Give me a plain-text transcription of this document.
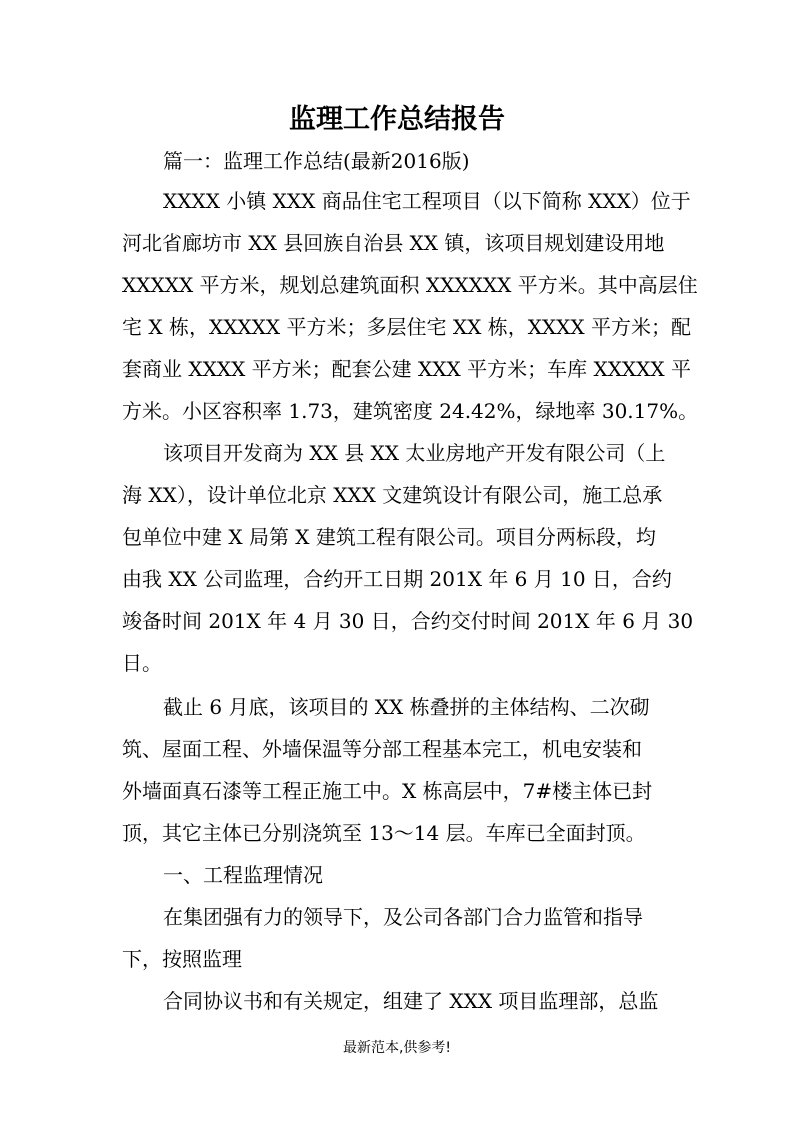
监理工作总结报告
篇一：监理工作总结(最新2016版)
XXXX 小镇 XXX 商品住宅工程项目（以下简称 XXX）位于
河北省廊坊市 XX 县回族自治县 XX 镇，该项目规划建设用地
XXXXX 平方米，规划总建筑面积 XXXXXX 平方米。其中高层住
宅 X 栋，XXXXX 平方米；多层住宅 XX 栋，XXXX 平方米；配
套商业 XXXX 平方米；配套公建 XXX 平方米；车库 XXXXX 平
方米。小区容积率 1.73，建筑密度 24.42%，绿地率 30.17%。
该项目开发商为 XX 县 XX 太业房地产开发有限公司（上
海 XX），设计单位北京 XXX 文建筑设计有限公司，施工总承
包单位中建 X 局第 X 建筑工程有限公司。项目分两标段，均
由我 XX 公司监理，合约开工日期 201X 年 6 月 10 日，合约
竣备时间 201X 年 4 月 30 日，合约交付时间 201X 年 6 月 30
日。
截止 6 月底，该项目的 XX 栋叠拼的主体结构、二次砌
筑、屋面工程、外墙保温等分部工程基本完工，机电安装和
外墙面真石漆等工程正施工中。X 栋高层中，7#楼主体已封
顶，其它主体已分别浇筑至 13～14 层。车库已全面封顶。
一、工程监理情况
在集团强有力的领导下，及公司各部门合力监管和指导
下，按照监理
合同协议书和有关规定，组建了 XXX 项目监理部，总监
最新范本,供参考!
